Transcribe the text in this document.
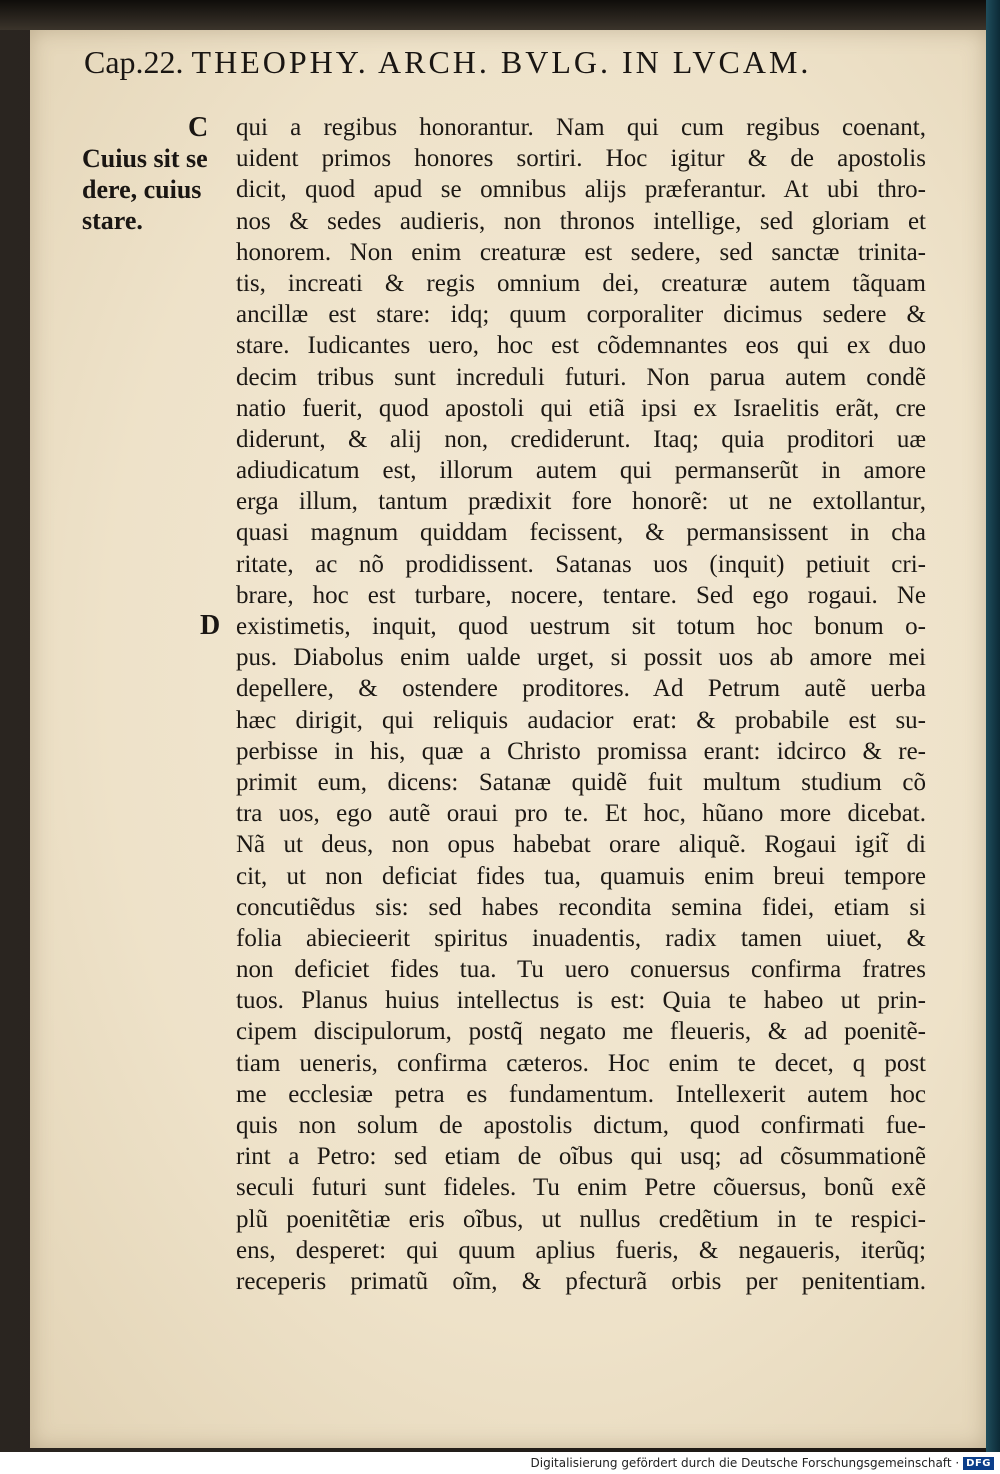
Cap.22. THEOPHY. ARCH. BVLG. IN LVCAM.
Cuius sit se
dere, cuius
stare.
C
D
qui a regibus honorantur. Nam qui cum regibus coenant,
uident primos honores sortiri. Hoc igitur & de apostolis
dicit, quod apud se omnibus alijs præferantur. At ubi thro-
nos & sedes audieris, non thronos intellige, sed gloriam et
honorem. Non enim creaturæ est sedere, sed sanctæ trinita-
tis, increati & regis omnium dei, creaturæ autem tãquam
ancillæ est stare: idq; quum corporaliter dicimus sedere &
stare. Iudicantes uero, hoc est cõdemnantes eos qui ex duo
decim tribus sunt increduli futuri. Non parua autem condẽ
natio fuerit, quod apostoli qui etiã ipsi ex Israelitis erãt, cre
diderunt, & alij non, crediderunt. Itaq; quia proditori uæ
adiudicatum est, illorum autem qui permanserũt in amore
erga illum, tantum prædixit fore honorẽ: ut ne extollantur,
quasi magnum quiddam fecissent, & permansissent in cha
ritate, ac nõ prodidissent. Satanas uos (inquit) petiuit cri-
brare, hoc est turbare, nocere, tentare. Sed ego rogaui. Ne
existimetis, inquit, quod uestrum sit totum hoc bonum o-
pus. Diabolus enim ualde urget, si possit uos ab amore mei
depellere, & ostendere proditores. Ad Petrum autẽ uerba
hæc dirigit, qui reliquis audacior erat: & probabile est su-
perbisse in his, quæ a Christo promissa erant: idcirco & re-
primit eum, dicens: Satanæ quidẽ fuit multum studium cõ
tra uos, ego autẽ oraui pro te. Et hoc, hũano more dicebat.
Nã ut deus, non opus habebat orare aliquẽ. Rogaui igit̃ di
cit, ut non deficiat fides tua, quamuis enim breui tempore
concutiẽdus sis: sed habes recondita semina fidei, etiam si
folia abiecieerit spiritus inuadentis, radix tamen uiuet, &
non deficiet fides tua. Tu uero conuersus confirma fratres
tuos. Planus huius intellectus is est: Quia te habeo ut prin-
cipem discipulorum, postq̃ negato me fleueris, & ad poenitẽ-
tiam ueneris, confirma cæteros. Hoc enim te decet, q post
me ecclesiæ petra es fundamentum. Intellexerit autem hoc
quis non solum de apostolis dictum, quod confirmati fue-
rint a Petro: sed etiam de oĩbus qui usq; ad cõsummationẽ
seculi futuri sunt fideles. Tu enim Petre cõuersus, bonũ exẽ
plũ poenitẽtiæ eris oĩbus, ut nullus credẽtium in te respici-
ens, desperet: qui quum aplius fueris, & negaueris, iterũq;
receperis primatũ oĩm, & pfecturã orbis per penitentiam.
Digitalisierung gefördert durch die Deutsche Forschungsgemeinschaft · DFG
